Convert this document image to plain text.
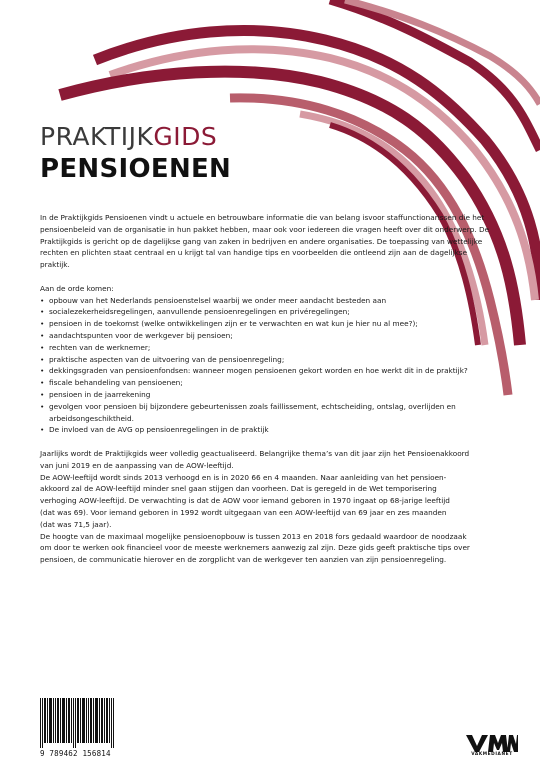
PRAKTIJKGIDS
PENSIOENEN

In de Praktijkgids Pensioenen vindt u actuele en betrouwbare informatie die van belang isvoor staffunctionarissen die het pensioenbeleid van de organisatie in hun pakket hebben, maar ook voor iedereen die vragen heeft over dit onderwerp. De Praktijkgids is gericht op de dagelijkse gang van zaken in bedrijven en andere organisaties. De toepassing van wettelijke rechten en plichten staat centraal en u krijgt tal van handige tips en voorbeelden die ontleend zijn aan de dagelijkse praktijk.

Aan de orde komen:

• opbouw van het Nederlands pensioenstelsel waarbij we onder meer aandacht besteden aan
• socialezekerheidsregelingen, aanvullende pensioenregelingen en privéregelingen;
• pensioen in de toekomst (welke ontwikkelingen zijn er te verwachten en wat kun je hier nu al mee?);
• aandachtspunten voor de werkgever bij pensioen;
• rechten van de werknemer;
• praktische aspecten van de uitvoering van de pensioenregeling;
• dekkingsgraden van pensioenfondsen: wanneer mogen pensioenen gekort worden en hoe werkt dit in de praktijk?
• fiscale behandeling van pensioenen;
• pensioen in de jaarrekening
• gevolgen voor pensioen bij bijzondere gebeurtenissen zoals faillissement, echtscheiding, ontslag, overlijden en arbeidsongeschiktheid.
• De invloed van de AVG op pensioenregelingen in de praktijk

Jaarlijks wordt de Praktijkgids weer volledig geactualiseerd. Belangrijke thema’s van dit jaar zijn het Pensioenakkoord

van juni 2019 en de aanpassing van de AOW-leeftijd.

De AOW-leeftijd wordt sinds 2013 verhoogd en is in 2020 66 en 4 maanden. Naar aanleiding van het pensioen-

akkoord zal de AOW-leeftijd minder snel gaan stijgen dan voorheen. Dat is geregeld in de Wet temporisering

verhoging AOW-leeftijd. De verwachting is dat de AOW voor iemand geboren in 1970 ingaat op 68-jarige leeftijd

(dat was 69). Voor iemand geboren in 1992 wordt uitgegaan van een AOW-leeftijd van 69 jaar en zes maanden

(dat was 71,5 jaar).

De hoogte van de maximaal mogelijke pensioenopbouw is tussen 2013 en 2018 fors gedaald waardoor de noodzaak

om door te werken ook financieel voor de meeste werknemers aanwezig zal zijn. Deze gids geeft praktische tips over

pensioen, de communicatie hierover en de zorgplicht van de werkgever ten aanzien van zijn pensioenregeling.

9 789462 156814	VAKMEDIANET
